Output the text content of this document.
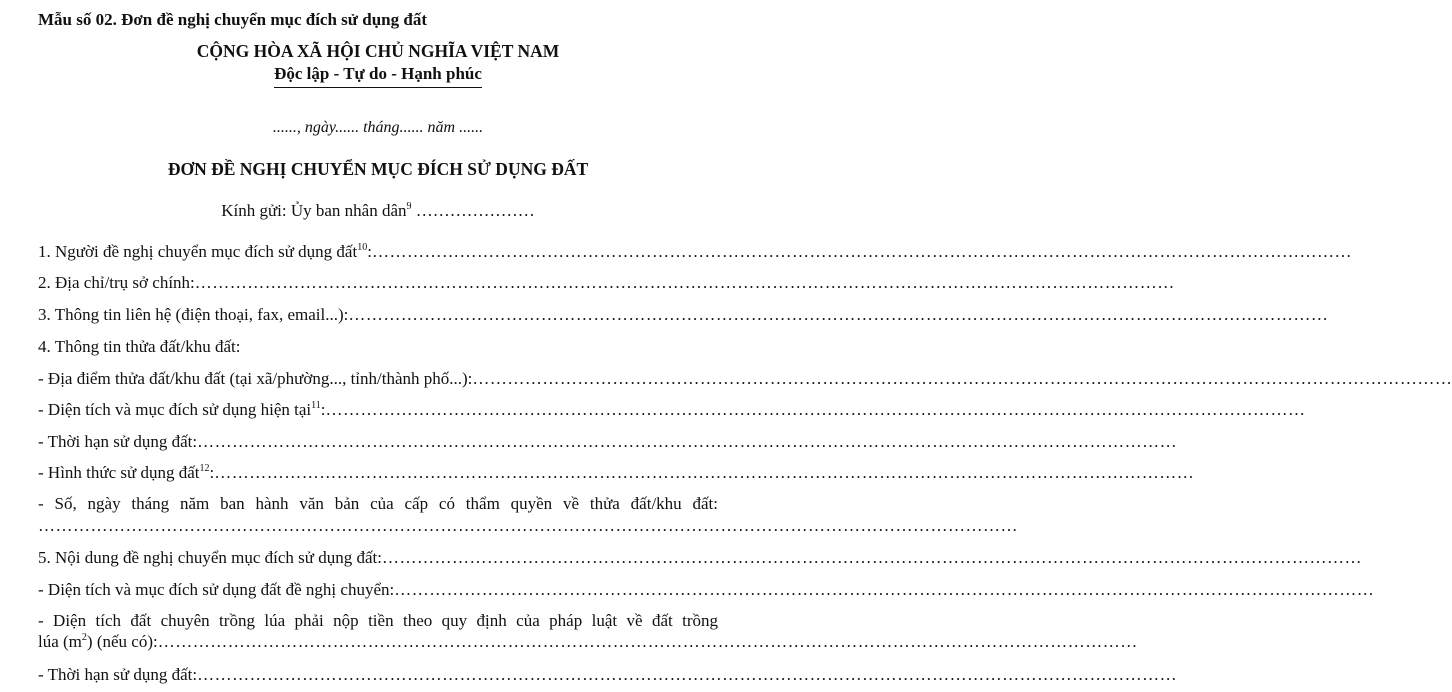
Mẫu số 02. Đơn đề nghị chuyển mục đích sử dụng đất
CỘNG HÒA XÃ HỘI CHỦ NGHĨA VIỆT NAM
Độc lập - Tự do - Hạnh phúc
......, ngày...... tháng...... năm ......
ĐƠN ĐỀ NGHỊ CHUYỂN MỤC ĐÍCH SỬ DỤNG ĐẤT
Kính gửi: Ủy ban nhân dân$^9$ …………………
1. Người đề nghị chuyển mục đích sử dụng đất$^{10}$: ……………………………………………………………………………………………………………………………………………………
2. Địa chỉ/trụ sở chính: ……………………………………………………………………………………………………………………………………………………
3. Thông tin liên hệ (điện thoại, fax, email...): ……………………………………………………………………………………………………………………………………………………
4. Thông tin thửa đất/khu đất:
- Địa điểm thửa đất/khu đất (tại xã/phường..., tỉnh/thành phố...): ……………………………………………………………………………………………………………………………………………………
- Diện tích và mục đích sử dụng hiện tại$^{11}$: ……………………………………………………………………………………………………………………………………………………
- Thời hạn sử dụng đất: ……………………………………………………………………………………………………………………………………………………
- Hình thức sử dụng đất$^{12}$: ……………………………………………………………………………………………………………………………………………………
- Số, ngày tháng năm ban hành văn bản của cấp có thẩm quyền về thửa đất/khu đất:
……………………………………………………………………………………………………………………………………………………
5. Nội dung đề nghị chuyển mục đích sử dụng đất: ……………………………………………………………………………………………………………………………………………………
- Diện tích và mục đích sử dụng đất đề nghị chuyển: ……………………………………………………………………………………………………………………………………………………
- Diện tích đất chuyên trồng lúa phải nộp tiền theo quy định của pháp luật về đất trồng
lúa $(m^2)$ (nếu có): ……………………………………………………………………………………………………………………………………………………
- Thời hạn sử dụng đất: ……………………………………………………………………………………………………………………………………………………
